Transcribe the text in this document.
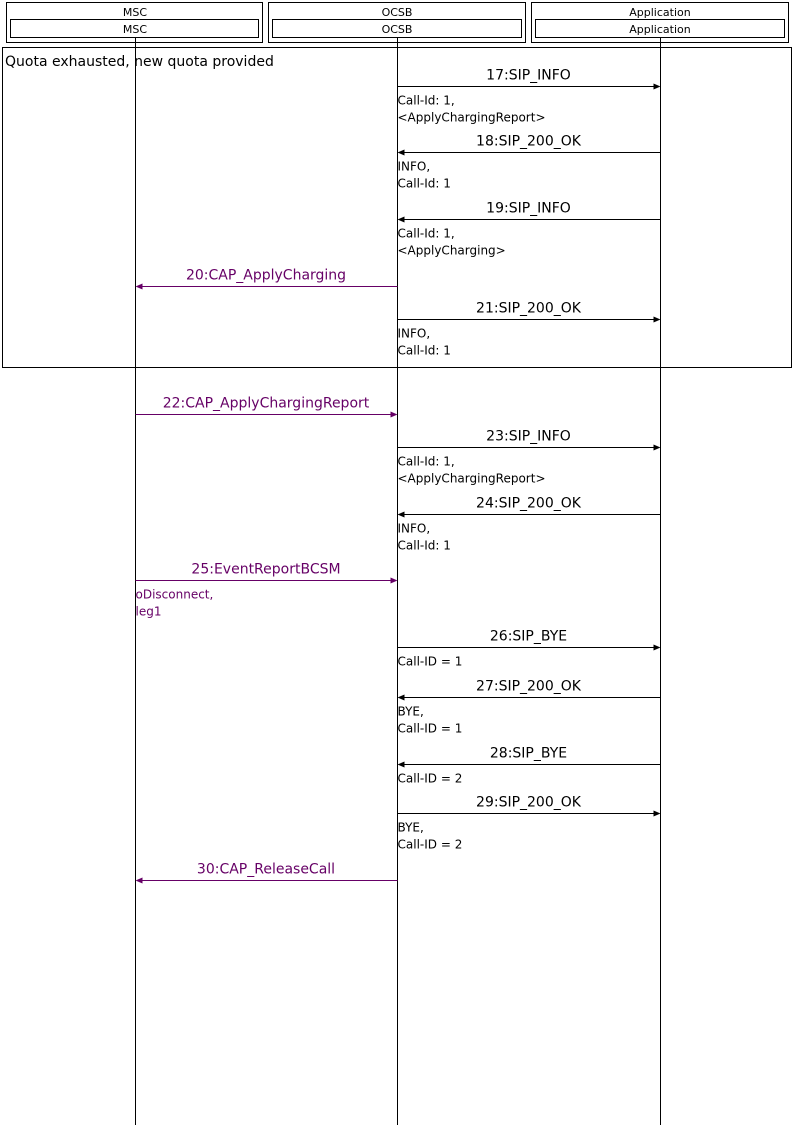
MSC
MSC
OCSB
OCSB
Application
Application
Quota exhausted, new quota provided
17:SIP_INFO
Call-Id: 1,
<ApplyChargingReport>
18:SIP_200_OK
INFO,
Call-Id: 1
19:SIP_INFO
Call-Id: 1,
<ApplyCharging>
20:CAP_ApplyCharging
21:SIP_200_OK
INFO,
Call-Id: 1
22:CAP_ApplyChargingReport
23:SIP_INFO
Call-Id: 1,
<ApplyChargingReport>
24:SIP_200_OK
INFO,
Call-Id: 1
25:EventReportBCSM
oDisconnect,
leg1
26:SIP_BYE
Call-ID = 1
27:SIP_200_OK
BYE,
Call-ID = 1
28:SIP_BYE
Call-ID = 2
29:SIP_200_OK
BYE,
Call-ID = 2
30:CAP_ReleaseCall
